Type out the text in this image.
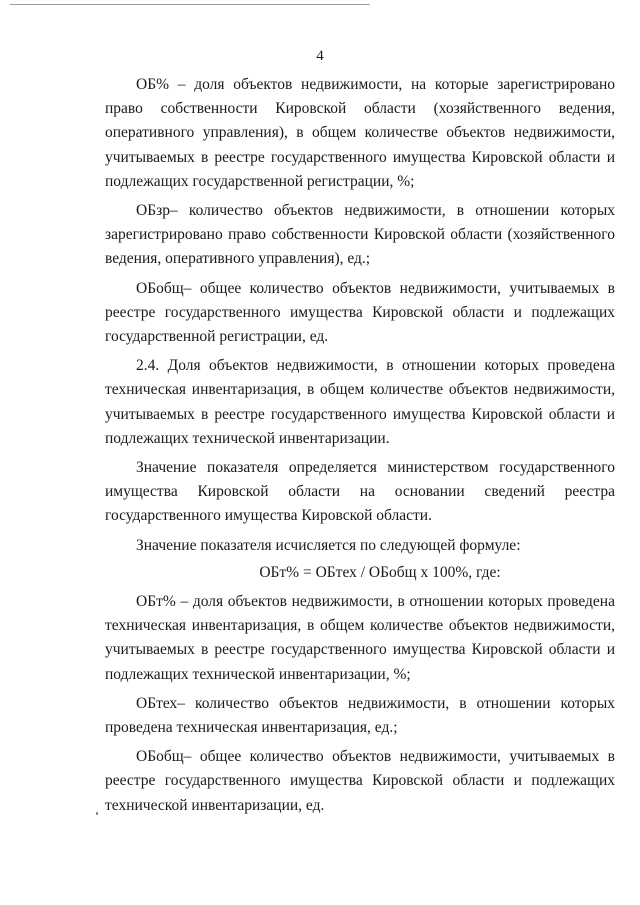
4

ОБ% – доля объектов недвижимости, на которые зарегистрировано право собственности Кировской области (хозяйственного ведения, оперативного управления), в общем количестве объектов недвижимости, учитываемых в реестре государственного имущества Кировской области и подлежащих государственной регистрации, %;

ОБзр– количество объектов недвижимости, в отношении которых зарегистрировано право собственности Кировской области (хозяйственного ведения, оперативного управления), ед.;

ОБобщ– общее количество объектов недвижимости, учитываемых в реестре государственного имущества Кировской области и подлежащих государственной регистрации, ед.

2.4. Доля объектов недвижимости, в отношении которых проведена техническая инвентаризация, в общем количестве объектов недвижимости, учитываемых в реестре государственного имущества Кировской области и подлежащих технической инвентаризации.

Значение показателя определяется министерством государственного имущества Кировской области на основании сведений реестра государственного имущества Кировской области.

Значение показателя исчисляется по следующей формуле:

ОБт% = ОБтех / ОБобщ х 100%, где:

ОБт% – доля объектов недвижимости, в отношении которых проведена техническая инвентаризация, в общем количестве объектов недвижимости, учитываемых в реестре государственного имущества Кировской области и подлежащих технической инвентаризации, %;

ОБтех– количество объектов недвижимости, в отношении которых проведена техническая инвентаризация, ед.;

ОБобщ– общее количество объектов недвижимости, учитываемых в реестре государственного имущества Кировской области и подлежащих технической инвентаризации, ед.
